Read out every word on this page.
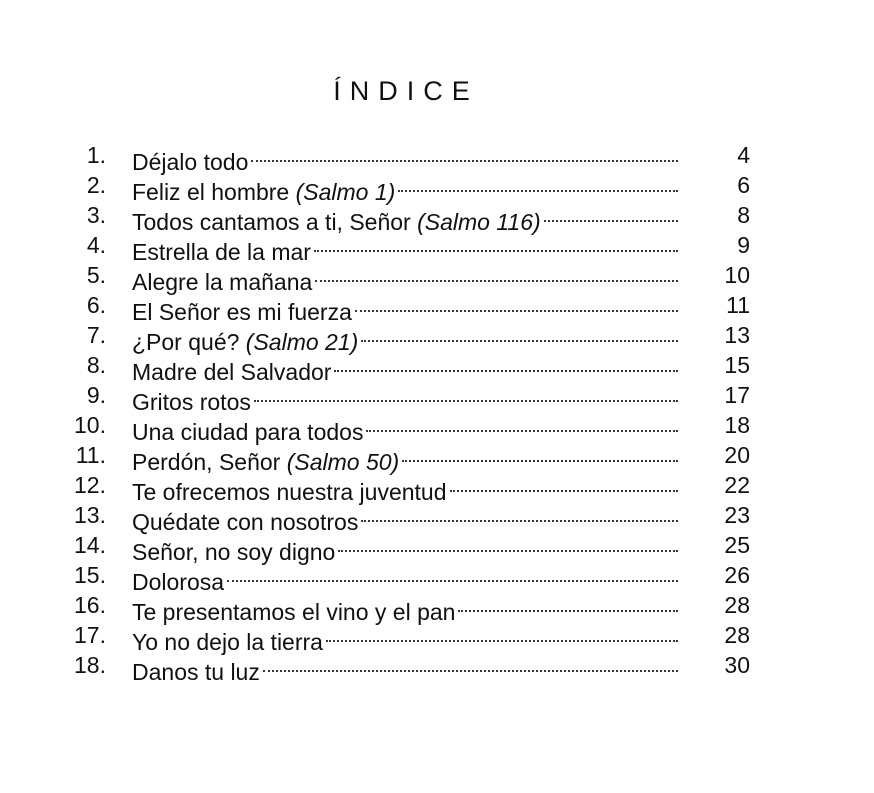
ÍNDICE
1. Déjalo todo	4
2. Feliz el hombre (Salmo 1)	6
3. Todos cantamos a ti, Señor (Salmo 116)	8
4. Estrella de la mar	9
5. Alegre la mañana	10
6. El Señor es mi fuerza	11
7. ¿Por qué? (Salmo 21)	13
8. Madre del Salvador	15
9. Gritos rotos	17
10. Una ciudad para todos	18
11. Perdón, Señor (Salmo 50)	20
12. Te ofrecemos nuestra juventud	22
13. Quédate con nosotros	23
14. Señor, no soy digno	25
15. Dolorosa	26
16. Te presentamos el vino y el pan	28
17. Yo no dejo la tierra	28
18. Danos tu luz	30
